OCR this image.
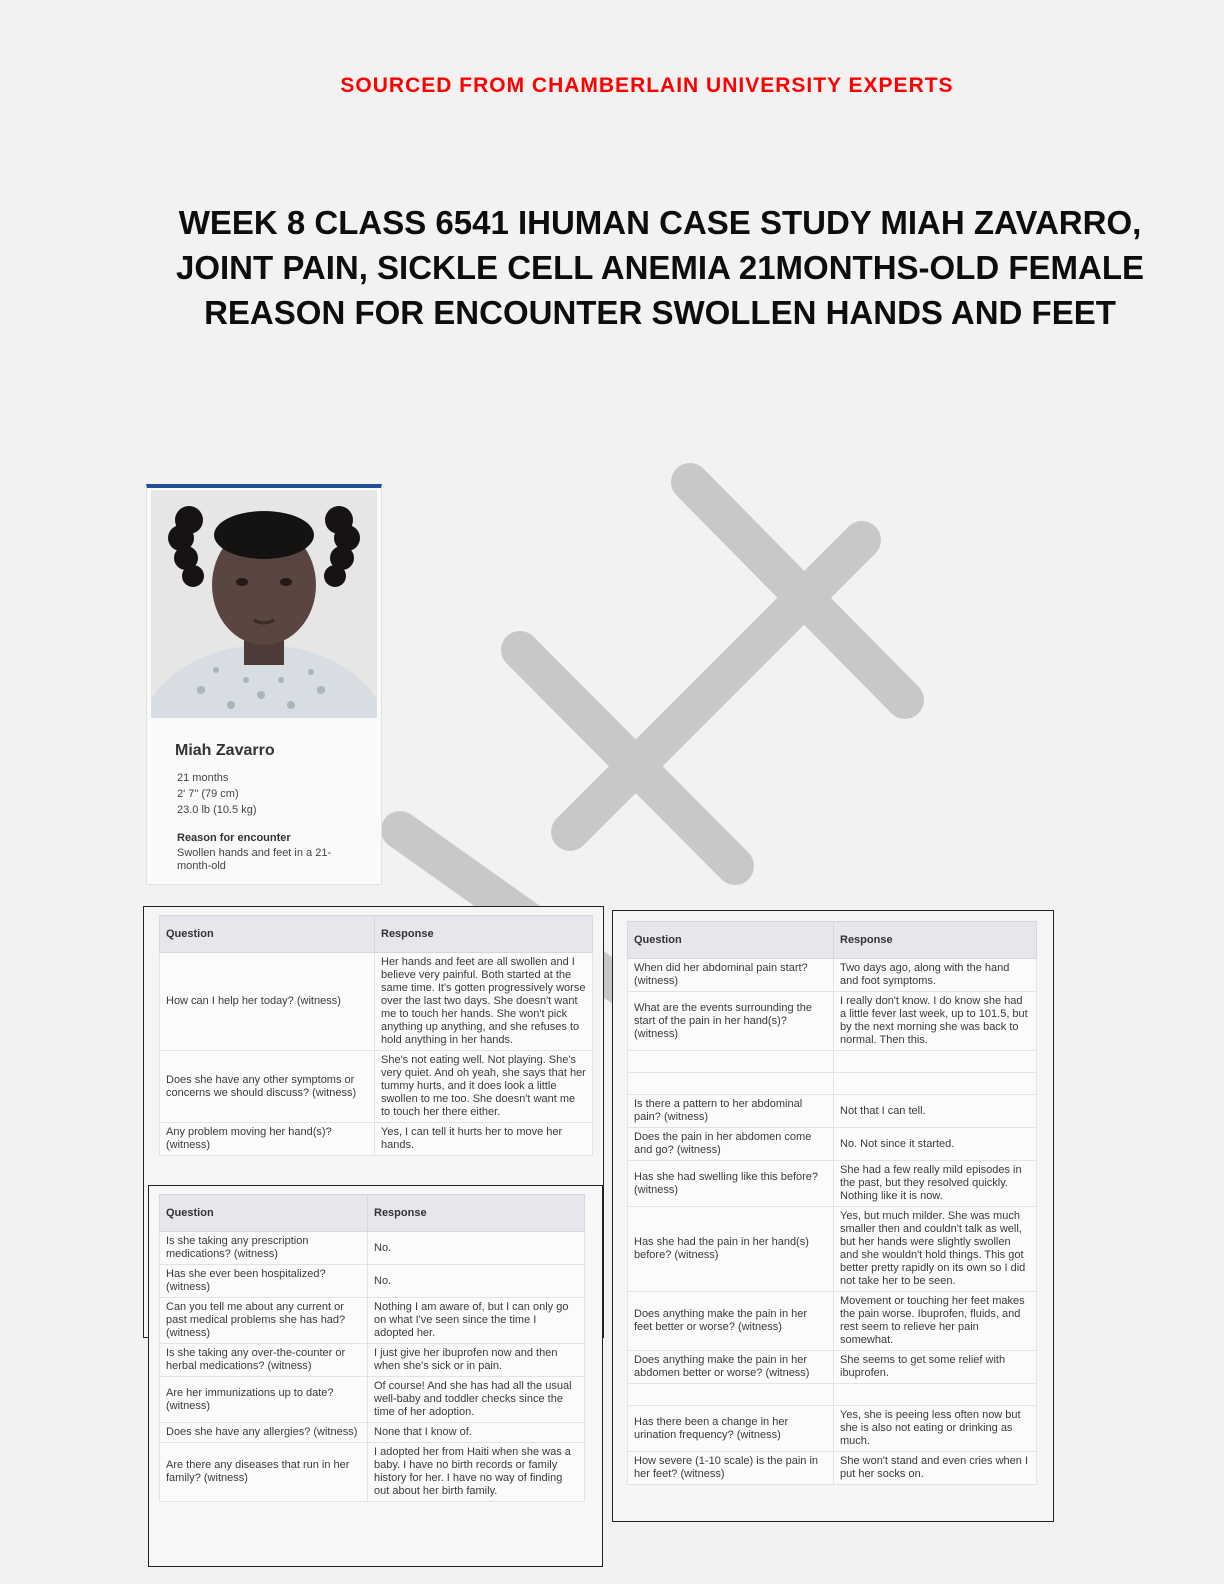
SOURCED FROM CHAMBERLAIN UNIVERSITY EXPERTS
WEEK 8 CLASS 6541 IHUMAN CASE STUDY MIAH ZAVARRO, JOINT PAIN, SICKLE CELL ANEMIA 21MONTHS-OLD FEMALE REASON FOR ENCOUNTER SWOLLEN HANDS AND FEET
Miah Zavarro
21 months
2' 7" (79 cm)
23.0 lb (10.5 kg)
Reason for encounter
Swollen hands and feet in a 21-month-old
Question	Response
How can I help her today? (witness)	Her hands and feet are all swollen and I believe very painful. Both started at the same time. It's gotten progressively worse over the last two days. She doesn't want me to touch her hands. She won't pick anything up anything, and she refuses to hold anything in her hands.
Does she have any other symptoms or concerns we should discuss? (witness)	She's not eating well. Not playing. She's very quiet. And oh yeah, she says that her tummy hurts, and it does look a little swollen to me too. She doesn't want me to touch her there either.
Any problem moving her hand(s)? (witness)	Yes, I can tell it hurts her to move her hands.
Question	Response
When did her abdominal pain start? (witness)	Two days ago, along with the hand and foot symptoms.
What are the events surrounding the start of the pain in her hand(s)? (witness)	I really don't know. I do know she had a little fever last week, up to 101.5, but by the next morning she was back to normal. Then this.

Is there a pattern to her abdominal pain? (witness)	Not that I can tell.
Does the pain in her abdomen come and go? (witness)	No. Not since it started.
Has she had swelling like this before? (witness)	She had a few really mild episodes in the past, but they resolved quickly. Nothing like it is now.
Has she had the pain in her hand(s) before? (witness)	Yes, but much milder. She was much smaller then and couldn't talk as well, but her hands were slightly swollen and she wouldn't hold things. This got better pretty rapidly on its own so I did not take her to be seen.
Does anything make the pain in her feet better or worse? (witness)	Movement or touching her feet makes the pain worse. Ibuprofen, fluids, and rest seem to relieve her pain somewhat.
Does anything make the pain in her abdomen better or worse? (witness)	She seems to get some relief with ibuprofen.

Has there been a change in her urination frequency? (witness)	Yes, she is peeing less often now but she is also not eating or drinking as much.
How severe (1-10 scale) is the pain in her feet? (witness)	She won't stand and even cries when I put her socks on.
Question	Response
Is she taking any prescription medications? (witness)	No.
Has she ever been hospitalized? (witness)	No.
Can you tell me about any current or past medical problems she has had? (witness)	Nothing I am aware of, but I can only go on what I've seen since the time I adopted her.
Is she taking any over-the-counter or herbal medications? (witness)	I just give her ibuprofen now and then when she's sick or in pain.
Are her immunizations up to date? (witness)	Of course! And she has had all the usual well-baby and toddler checks since the time of her adoption.
Does she have any allergies? (witness)	None that I know of.
Are there any diseases that run in her family? (witness)	I adopted her from Haiti when she was a baby. I have no birth records or family history for her. I have no way of finding out about her birth family.
